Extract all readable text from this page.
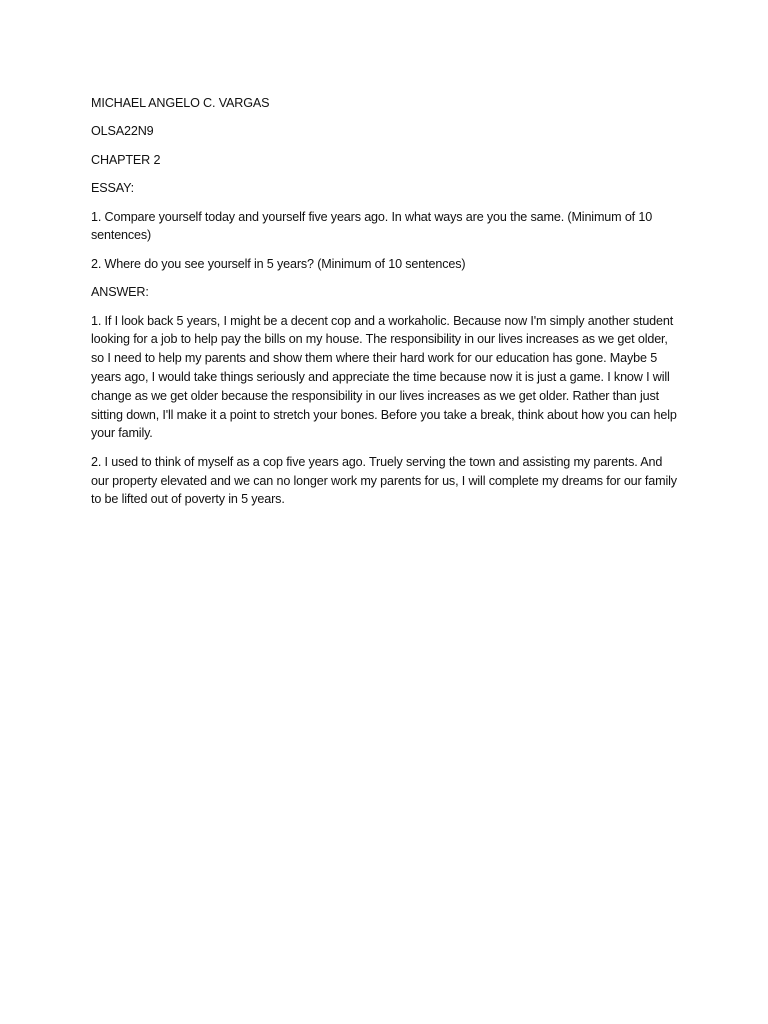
MICHAEL ANGELO C. VARGAS

OLSA22N9

CHAPTER 2

ESSAY:

1. Compare yourself today and yourself five years ago. In what ways are you the same. (Minimum of 10 sentences)

2. Where do you see yourself in 5 years? (Minimum of 10 sentences)

ANSWER:

1. If I look back 5 years, I might be a decent cop and a workaholic. Because now I'm simply another student looking for a job to help pay the bills on my house. The responsibility in our lives increases as we get older, so I need to help my parents and show them where their hard work for our education has gone. Maybe 5 years ago, I would take things seriously and appreciate the time because now it is just a game. I know I will change as we get older because the responsibility in our lives increases as we get older. Rather than just sitting down, I'll make it a point to stretch your bones. Before you take a break, think about how you can help your family.

2. I used to think of myself as a cop five years ago. Truely serving the town and assisting my parents. And our property elevated and we can no longer work my parents for us, I will complete my dreams for our family to be lifted out of poverty in 5 years.
